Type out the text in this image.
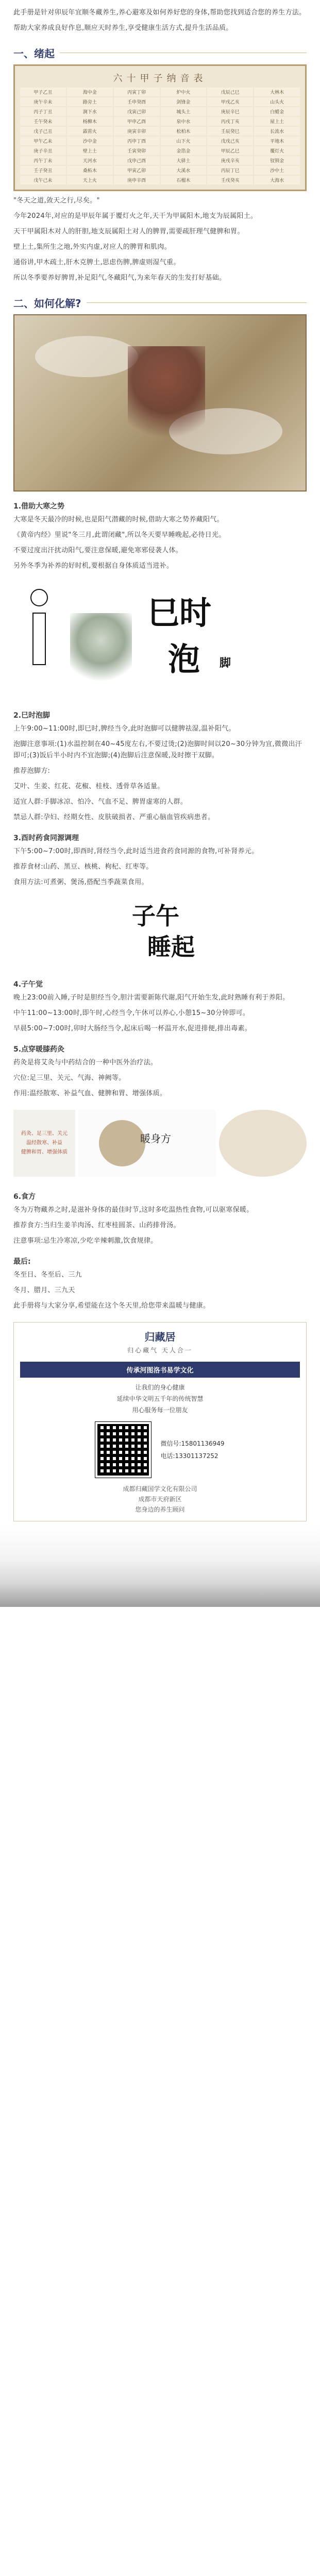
此手册是针对卯辰年宜顺冬藏养生,养心避寒及如何养好您的身体,帮助您找到适合您的养生方法。

帮助大家养成良好作息,顺应天时养生,享受健康生活方式,提升生活品质。

一、绪起
六十甲子纳音表
甲子乙丑	海中金	丙寅丁卯	炉中火	戊辰己巳	大林木
庚午辛未	路旁土	壬申癸酉	剑锋金	甲戌乙亥	山头火
丙子丁丑	涧下水	戊寅己卯	城头土	庚辰辛巳	白蜡金
壬午癸未	杨柳木	甲申乙酉	泉中水	丙戌丁亥	屋上土
戊子己丑	霹雳火	庚寅辛卯	松柏木	壬辰癸巳	长流水
甲午乙未	沙中金	丙申丁酉	山下火	戊戌己亥	平地木
庚子辛丑	壁上土	壬寅癸卯	金箔金	甲辰乙巳	覆灯火
丙午丁未	天河水	戊申己酉	大驿土	庚戌辛亥	钗钏金
壬子癸丑	桑柘木	甲寅乙卯	大溪水	丙辰丁巳	沙中土
戊午己未	天上火	庚申辛酉	石榴木	壬戌癸亥	大海水

"冬天之道,敛天之行,尽矣。"

今年2024年,对应的是甲辰年属于覆灯火之年,天干为甲属阳木,地支为辰属阳土。

天干甲属阳木对人的肝胆,地支辰属阳土对人的脾胃,需要疏肝理气健脾和胃。

壁上土,集所生之地,外实内虚,对应人的脾胃和肌肉。

通俗讲,甲木疏土,肝木克脾土,思虑伤脾,脾虚则湿气重。

所以冬季要养好脾胃,补足阳气,冬藏阳气,为来年春天的生发打好基础。

二、如何化解?
1.借助大寒之势

大寒是冬天最冷的时候,也是阳气潜藏的时候,借助大寒之势养藏阳气。

《黄帝内经》里说"冬三月,此谓闭藏",所以冬天要早睡晚起,必待日光。

不要过度出汗扰动阳气,要注意保暖,避免寒邪侵袭人体。

另外冬季为补养的好时机,要根据自身体质适当进补。

巳时
泡 脚
2.巳时泡脚

上午9:00~11:00时,即巳时,脾经当令,此时泡脚可以健脾祛湿,温补阳气。

泡脚注意事项:(1)水温控制在40~45度左右,不要过烫;(2)泡脚时间以20~30分钟为宜,微微出汗即可;(3)饭后半小时内不宜泡脚;(4)泡脚后注意保暖,及时擦干双脚。

推荐泡脚方:

艾叶、生姜、红花、花椒、桂枝、透骨草各适量。

适宜人群:手脚冰凉、怕冷、气血不足、脾胃虚寒的人群。

禁忌人群:孕妇、经期女性、皮肤破损者、严重心脑血管疾病患者。

3.酉时药食同源调理

下午5:00~7:00时,即酉时,肾经当令,此时适当进食药食同源的食物,可补肾养元。

推荐食材:山药、黑豆、核桃、枸杞、红枣等。

食用方法:可煮粥、煲汤,搭配当季蔬菜食用。

子午
睡起
4.子午觉

晚上23:00前入睡,子时是胆经当令,胆汁需要新陈代谢,阳气开始生发,此时熟睡有利于养阳。

中午11:00~13:00时,即午时,心经当令,午休可以养心,小憩15~30分钟即可。

早晨5:00~7:00时,卯时大肠经当令,起床后喝一杯温开水,促进排便,排出毒素。

5.点穿暖膝药灸

药灸是将艾灸与中药结合的一种中医外治疗法。

穴位:足三里、关元、气海、神阙等。

作用:温经散寒、补益气血、健脾和胃、增强体质。

药灸、足三里、关元
温经散寒、补益
健脾和胃、增强体质
暖身方
6.食方

冬为万物藏养之时,是滋补身体的最佳时节,这时多吃温热性食物,可以驱寒保暖。

推荐食方:当归生姜羊肉汤、红枣桂圆茶、山药排骨汤。

注意事项:忌生冷寒凉,少吃辛辣刺激,饮食规律。

最后:

冬至日、冬至后、三九

冬月、腊月、三九天

此手册将与大家分享,希望能在这个冬天里,给您带来温暖与健康。

归藏居
归心藏气 天人合一
传承河图洛书易学文化
让我们的身心健康
延续中华文明五千年的传统智慧
用心服务每一位朋友
微信号:15801136949
电话:13301137252
成都归藏国学文化有限公司
成都市天府新区
您身边的养生顾问
